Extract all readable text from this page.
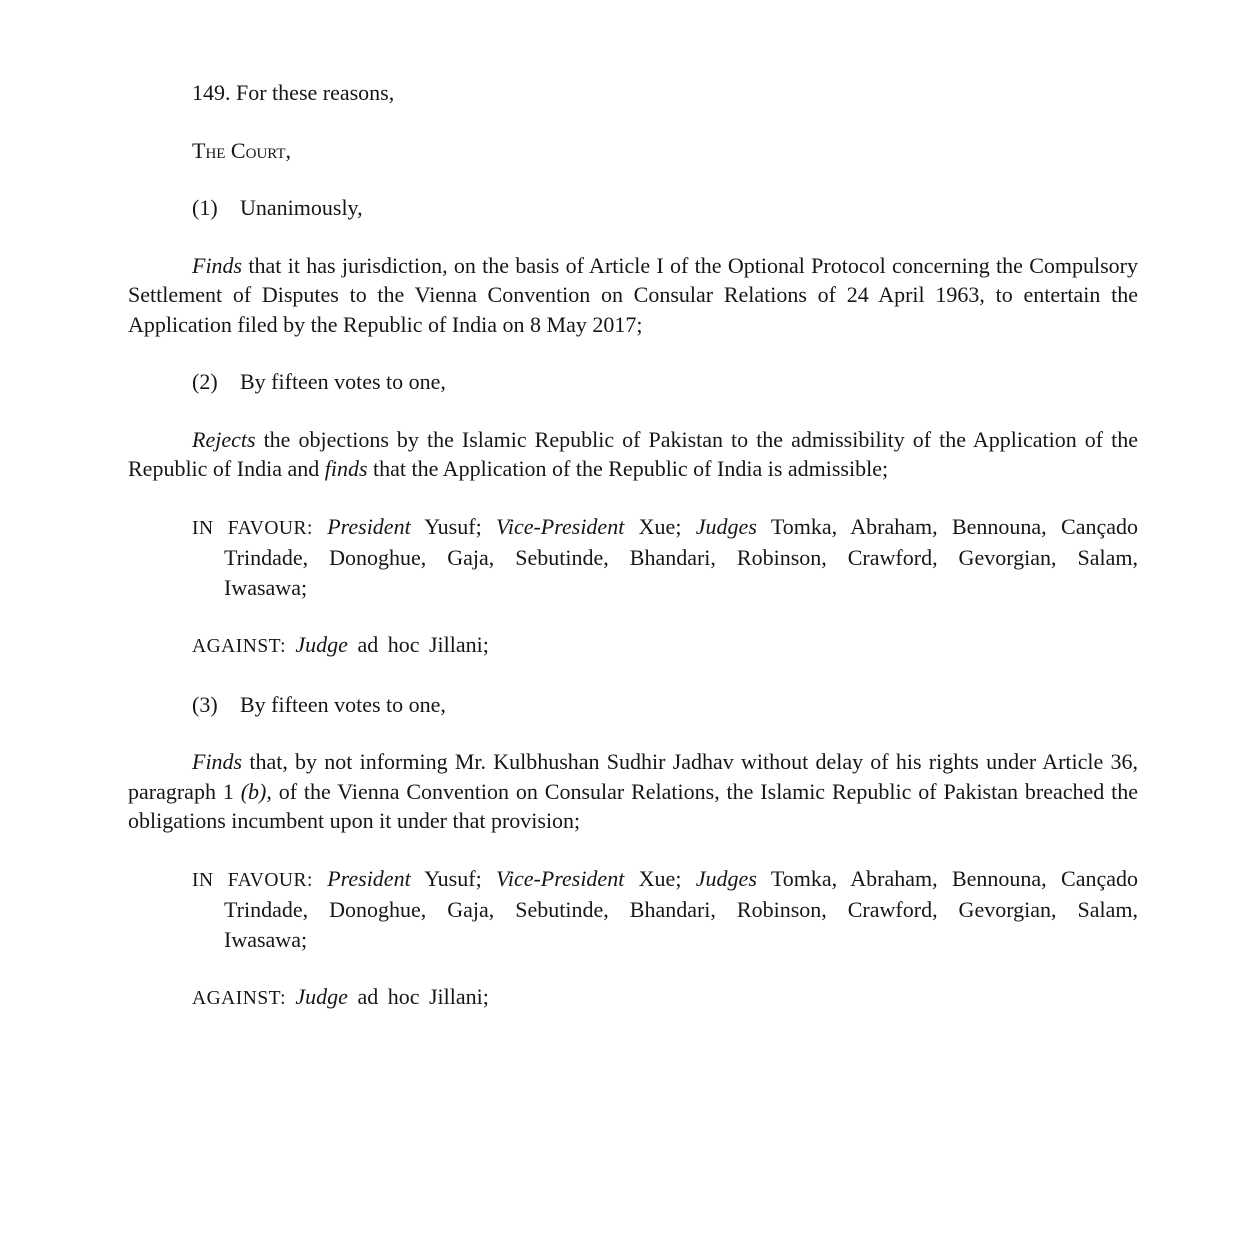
149. For these reasons,

The Court,

(1) Unanimously,

Finds that it has jurisdiction, on the basis of Article I of the Optional Protocol concerning the Compulsory Settlement of Disputes to the Vienna Convention on Consular Relations of 24 April 1963, to entertain the Application filed by the Republic of India on 8 May 2017;

(2) By fifteen votes to one,

Rejects the objections by the Islamic Republic of Pakistan to the admissibility of the Application of the Republic of India and finds that the Application of the Republic of India is admissible;

IN FAVOUR: President Yusuf; Vice-President Xue; Judges Tomka, Abraham, Bennouna, Cançado Trindade, Donoghue, Gaja, Sebutinde, Bhandari, Robinson, Crawford, Gevorgian, Salam, Iwasawa;

AGAINST: Judge ad hoc Jillani;

(3) By fifteen votes to one,

Finds that, by not informing Mr. Kulbhushan Sudhir Jadhav without delay of his rights under Article 36, paragraph 1 (b), of the Vienna Convention on Consular Relations, the Islamic Republic of Pakistan breached the obligations incumbent upon it under that provision;

IN FAVOUR: President Yusuf; Vice-President Xue; Judges Tomka, Abraham, Bennouna, Cançado Trindade, Donoghue, Gaja, Sebutinde, Bhandari, Robinson, Crawford, Gevorgian, Salam, Iwasawa;

AGAINST: Judge ad hoc Jillani;
